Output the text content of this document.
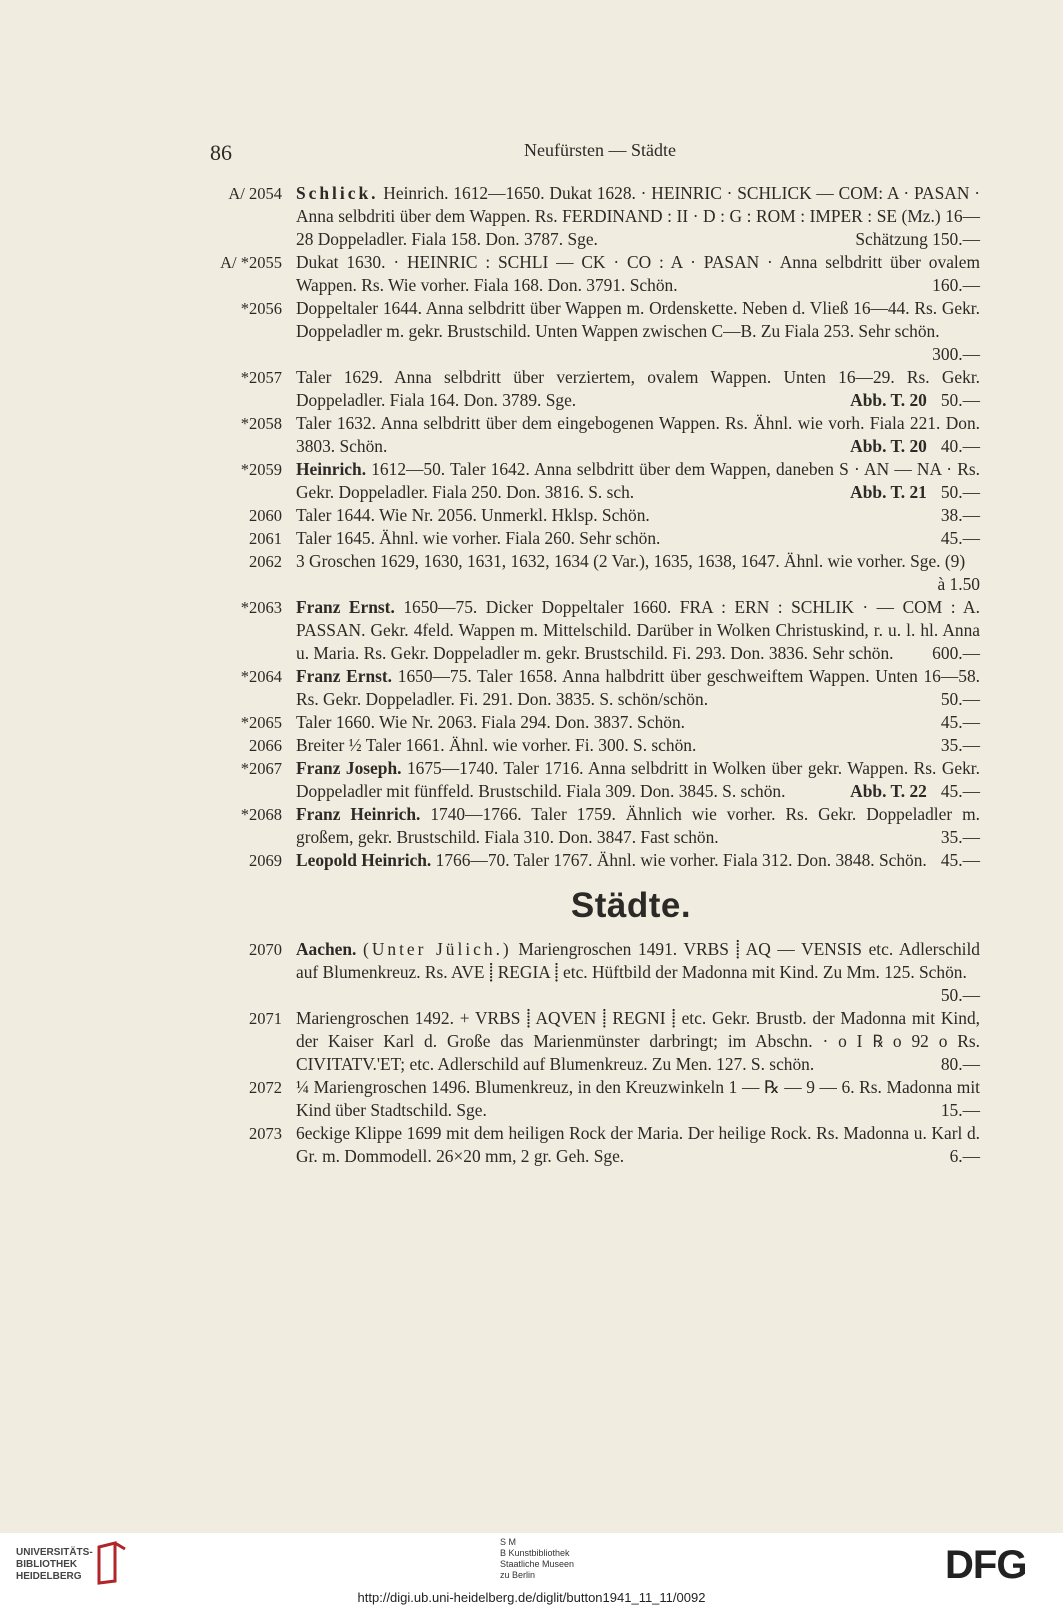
86	Neufürsten — Städte
A/ 2054 Schlick. Heinrich. 1612—1650. Dukat 1628. · HEINRIC · SCHLICK — COM: A · PASAN · Anna selbdriti über dem Wappen. Rs. FERDINAND : II · D : G : ROM : IMPER : SE (Mz.) 16—28 Doppeladler. Fiala 158. Don. 3787. Sge.	Schätzung 150.—
A/ *2055 Dukat 1630. · HEINRIC : SCHLI — CK · CO : A · PASAN · Anna selbdritt über ovalem Wappen. Rs. Wie vorher. Fiala 168. Don. 3791. Schön.	160.—
*2056 Doppeltaler 1644. Anna selbdritt über Wappen m. Ordenskette. Neben d. Vließ 16—44. Rs. Gekr. Doppeladler m. gekr. Brustschild. Unten Wappen zwischen C—B. Zu Fiala 253. Sehr schön.
300.—
*2057 Taler 1629. Anna selbdritt über verziertem, ovalem Wappen. Unten 16—29. Rs. Gekr. Doppeladler. Fiala 164. Don. 3789. Sge.	Abb. T. 20 50.—
*2058 Taler 1632. Anna selbdritt über dem eingebogenen Wappen. Rs. Ähnl. wie vorh. Fiala 221. Don. 3803. Schön.	Abb. T. 20 40.—
*2059 Heinrich. 1612—50. Taler 1642. Anna selbdritt über dem Wappen, daneben S · AN — NA · Rs. Gekr. Doppeladler. Fiala 250. Don. 3816. S. sch.	Abb. T. 21 50.—
2060 Taler 1644. Wie Nr. 2056. Unmerkl. Hklsp. Schön.	38.—
2061 Taler 1645. Ähnl. wie vorher. Fiala 260. Sehr schön.	45.—
2062 3 Groschen 1629, 1630, 1631, 1632, 1634 (2 Var.), 1635, 1638, 1647. Ähnl. wie vorher. Sge. (9)
à 1.50
*2063 Franz Ernst. 1650—75. Dicker Doppeltaler 1660. FRA : ERN : SCHLIK · — COM : A. PASSAN. Gekr. 4feld. Wappen m. Mittelschild. Darüber in Wolken Christuskind, r. u. l. hl. Anna u. Maria. Rs. Gekr. Doppeladler m. gekr. Brustschild. Fi. 293. Don. 3836. Sehr schön.	600.—
*2064 Franz Ernst. 1650—75. Taler 1658. Anna halbdritt über geschweiftem Wappen. Unten 16—58. Rs. Gekr. Doppeladler. Fi. 291. Don. 3835. S. schön/schön.	50.—
*2065 Taler 1660. Wie Nr. 2063. Fiala 294. Don. 3837. Schön.	45.—
2066 Breiter ½ Taler 1661. Ähnl. wie vorher. Fi. 300. S. schön.	35.—
*2067 Franz Joseph. 1675—1740. Taler 1716. Anna selbdritt in Wolken über gekr. Wappen. Rs. Gekr. Doppeladler mit fünffeld. Brustschild. Fiala 309. Don. 3845. S. schön.	Abb. T. 22 45.—
*2068 Franz Heinrich. 1740—1766. Taler 1759. Ähnlich wie vorher. Rs. Gekr. Doppeladler m. großem, gekr. Brustschild. Fiala 310. Don. 3847. Fast schön.	35.—
2069 Leopold Heinrich. 1766—70. Taler 1767. Ähnl. wie vorher. Fiala 312. Don. 3848. Schön. 45.—
Städte.
2070 Aachen. (Unter Jülich.) Mariengroschen 1491. VRBS ⸽ AQ — VENSIS etc. Adlerschild auf Blumenkreuz. Rs. AVE ⸽ REGIA ⸽ etc. Hüftbild der Madonna mit Kind. Zu Mm. 125. Schön.
50.—
2071 Mariengroschen 1492. + VRBS ⸽ AQVEN ⸽ REGNI ⸽ etc. Gekr. Brustb. der Madonna mit Kind, der Kaiser Karl d. Große das Marienmünster darbringt; im Abschn. · o I ℞ o 92 o Rs. CIVITATV.'ET; etc. Adlerschild auf Blumenkreuz. Zu Men. 127. S. schön.	80.—
2072 ¼ Mariengroschen 1496. Blumenkreuz, in den Kreuzwinkeln 1 — ℞ — 9 — 6. Rs. Madonna mit Kind über Stadtschild. Sge.	15.—
2073 6eckige Klippe 1699 mit dem heiligen Rock der Maria. Der heilige Rock. Rs. Madonna u. Karl d. Gr. m. Dommodell. 26×20 mm, 2 gr. Geh. Sge.	6.—
UNIVERSITÄTS-
BIBLIOTHEK
HEIDELBERG
S M
B Kunstbibliothek
Staatliche Museen
zu Berlin	DFG
http://digi.ub.uni-heidelberg.de/diglit/button1941_11_11/0092
